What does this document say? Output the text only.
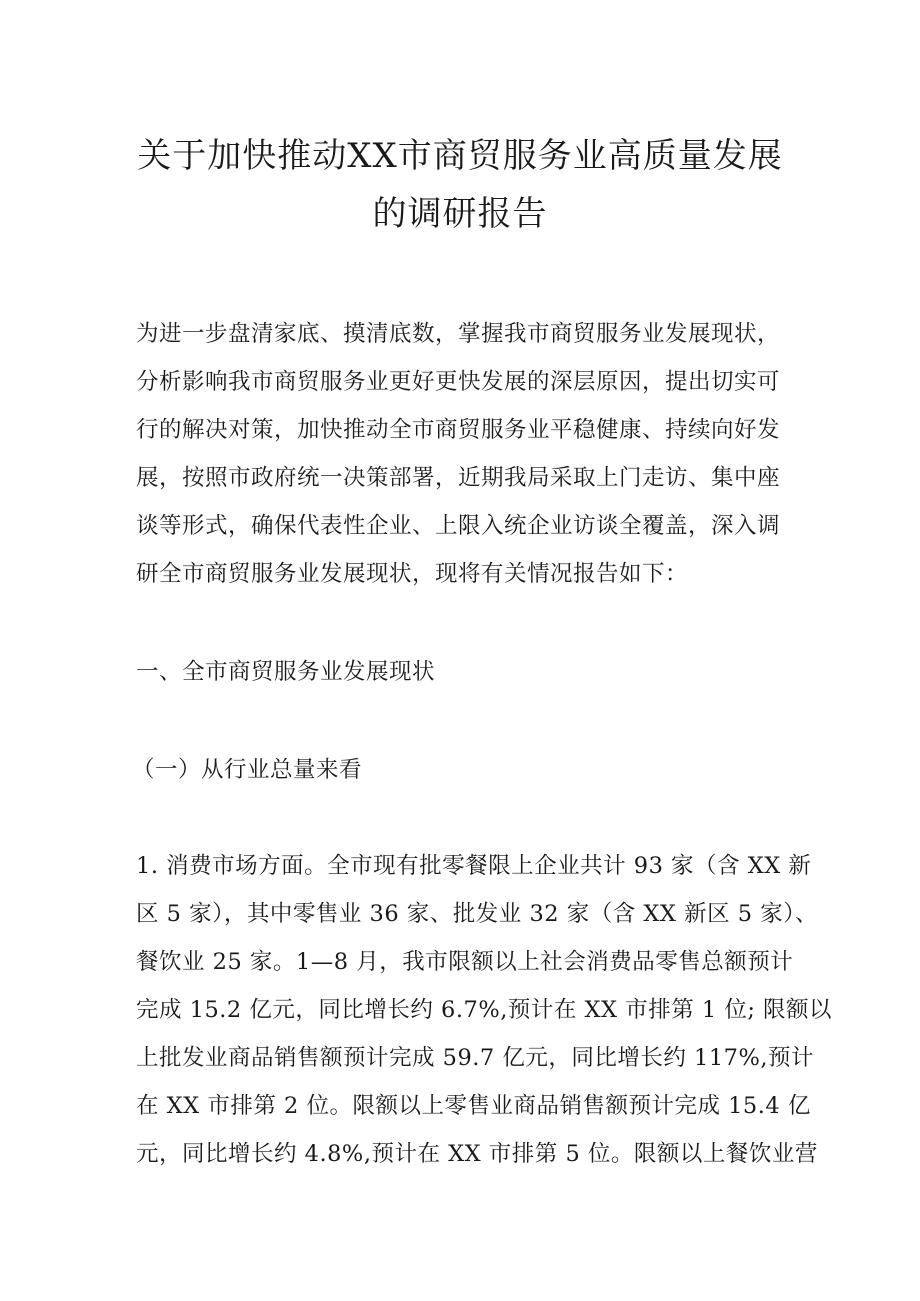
关于加快推动XX市商贸服务业高质量发展
的调研报告
为进一步盘清家底、摸清底数，掌握我市商贸服务业发展现状，
分析影响我市商贸服务业更好更快发展的深层原因，提出切实可
行的解决对策，加快推动全市商贸服务业平稳健康、持续向好发
展，按照市政府统一决策部署，近期我局采取上门走访、集中座
谈等形式，确保代表性企业、上限入统企业访谈全覆盖，深入调
研全市商贸服务业发展现状，现将有关情况报告如下：
一、全市商贸服务业发展现状
（一）从行业总量来看
1. 消费市场方面。全市现有批零餐限上企业共计 93 家（含 XX 新
区 5 家），其中零售业 36 家、批发业 32 家（含 XX 新区 5 家）、
餐饮业 25 家。1—8 月，我市限额以上社会消费品零售总额预计
完成 15.2 亿元，同比增长约 6.7%,预计在 XX 市排第 1 位; 限额以
上批发业商品销售额预计完成 59.7 亿元，同比增长约 117%,预计
在 XX 市排第 2 位。限额以上零售业商品销售额预计完成 15.4 亿
元，同比增长约 4.8%,预计在 XX 市排第 5 位。限额以上餐饮业营
